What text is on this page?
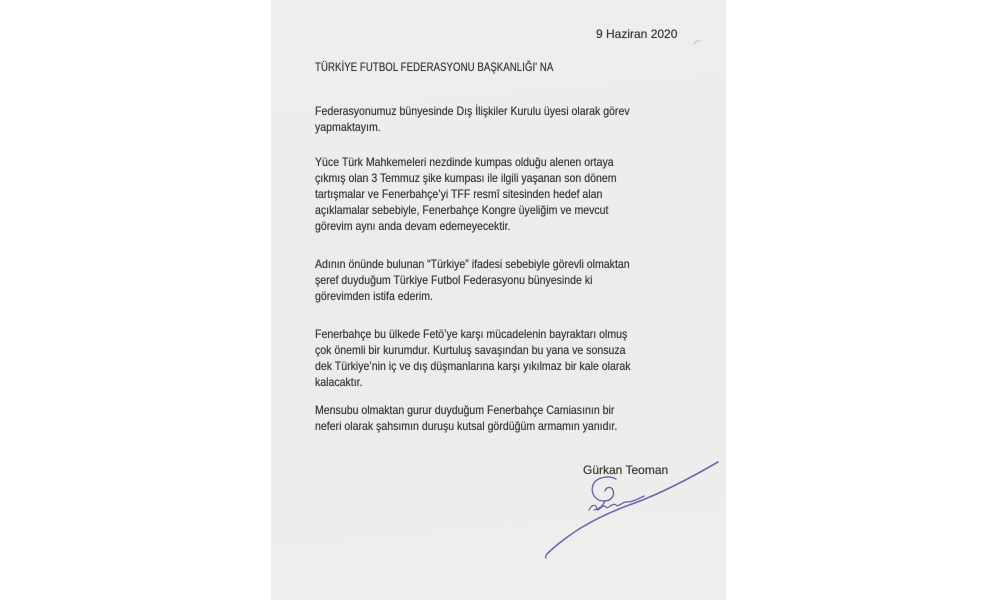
9 Haziran 2020
TÜRKİYE FUTBOL FEDERASYONU BAŞKANLIĞI' NA
Federasyonumuz bünyesinde Dış İlişkiler Kurulu üyesi olarak görev
yapmaktayım.
Yüce Türk Mahkemeleri nezdinde kumpas olduğu alenen ortaya
çıkmış olan 3 Temmuz şike kumpası ile ilgili yaşanan son dönem
tartışmalar ve Fenerbahçe’yi TFF resmî sitesinden hedef alan
açıklamalar sebebiyle, Fenerbahçe Kongre üyeliğim ve mevcut
görevim aynı anda devam edemeyecektir.
Adının önünde bulunan “Türkiye” ifadesi sebebiyle görevli olmaktan
şeref duyduğum Türkiye Futbol Federasyonu bünyesinde ki
görevimden istifa ederim.
Fenerbahçe bu ülkede Fetö’ye karşı mücadelenin bayraktarı olmuş
çok önemli bir kurumdur. Kurtuluş savaşından bu yana ve sonsuza
dek Türkiye’nin iç ve dış düşmanlarına karşı yıkılmaz bir kale olarak
kalacaktır.
Mensubu olmaktan gurur duyduğum Fenerbahçe Camiasının bir
neferi olarak şahsımın duruşu kutsal gördüğüm armamın yanıdır.
Gürkan Teoman
